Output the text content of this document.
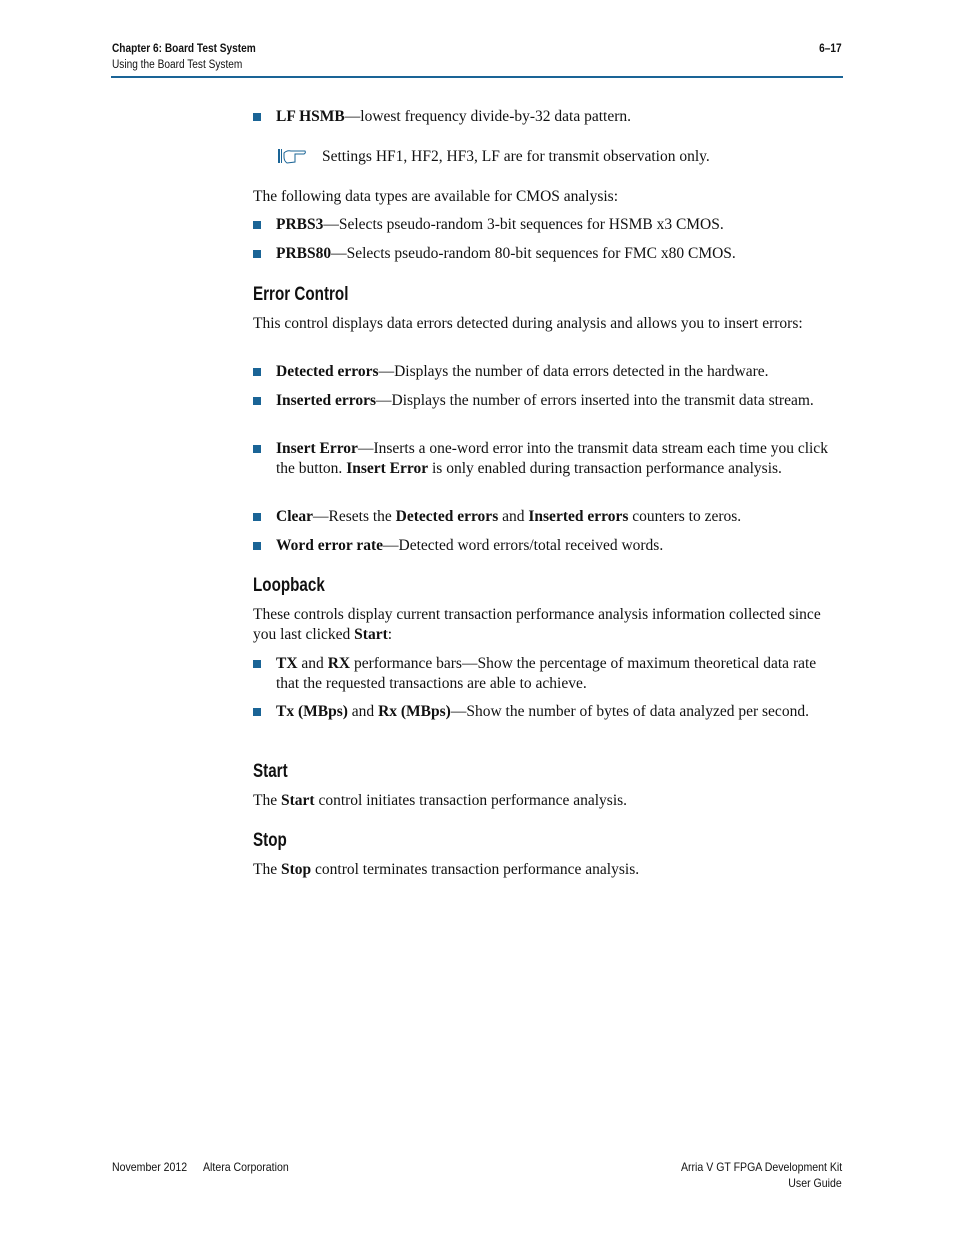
Chapter 6: Board Test System
Using the Board Test System
6–17
LF HSMB—lowest frequency divide-by-32 data pattern.
Settings HF1, HF2, HF3, LF are for transmit observation only.
The following data types are available for CMOS analysis:
PRBS3—Selects pseudo-random 3-bit sequences for HSMB x3 CMOS.
PRBS80—Selects pseudo-random 80-bit sequences for FMC x80 CMOS.
Error Control
This control displays data errors detected during analysis and allows you to insert errors:
Detected errors—Displays the number of data errors detected in the hardware.
Inserted errors—Displays the number of errors inserted into the transmit data stream.
Insert Error—Inserts a one-word error into the transmit data stream each time you click the button. Insert Error is only enabled during transaction performance analysis.
Clear—Resets the Detected errors and Inserted errors counters to zeros.
Word error rate—Detected word errors/total received words.
Loopback
These controls display current transaction performance analysis information collected since you last clicked Start:
TX and RX performance bars—Show the percentage of maximum theoretical data rate that the requested transactions are able to achieve.
Tx (MBps) and Rx (MBps)—Show the number of bytes of data analyzed per second.
Start
The Start control initiates transaction performance analysis.
Stop
The Stop control terminates transaction performance analysis.
November 2012 Altera Corporation	Arria V GT FPGA Development Kit
User Guide
